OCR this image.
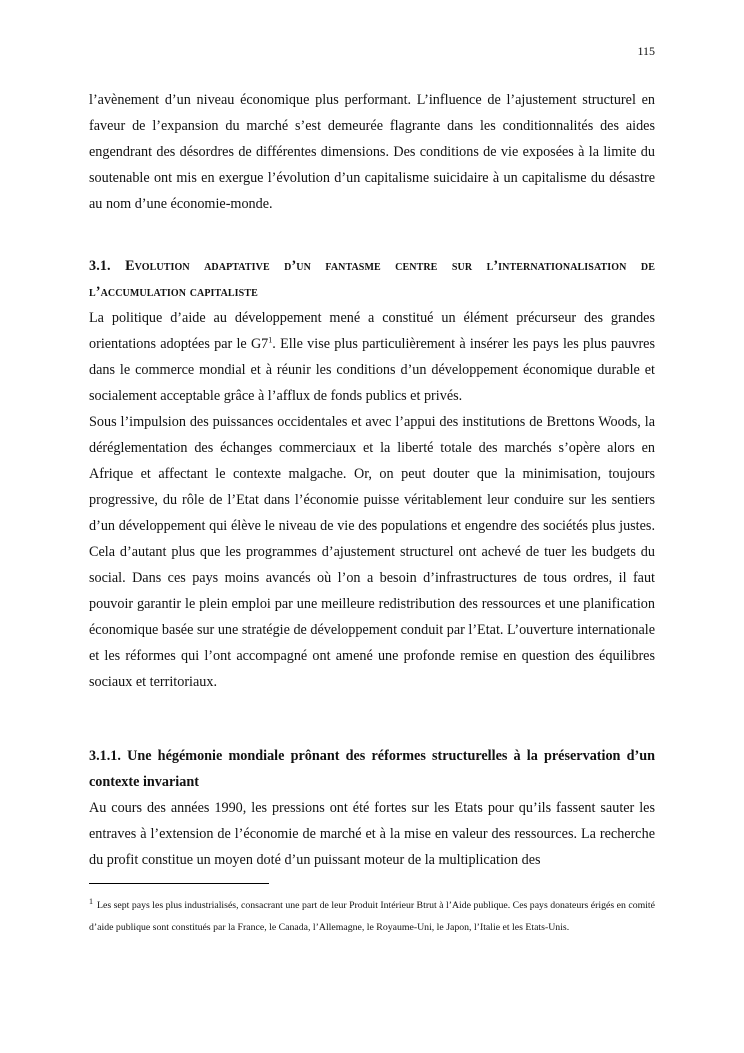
115

l’avènement d’un niveau économique plus performant. L’influence de l’ajustement structurel en faveur de l’expansion du marché s’est demeurée flagrante dans les conditionnalités des aides engendrant des désordres de différentes dimensions. Des conditions de vie exposées à la limite du soutenable ont mis en exergue l’évolution d’un capitalisme suicidaire à un capitalisme du désastre au nom d’une économie-monde.

3.1. Evolution adaptative d’un fantasme centre sur l’internationalisation de l’accumulation capitaliste

La politique d’aide au développement mené a constitué un élément précurseur des grandes orientations adoptées par le $G7^1$. Elle vise plus particulièrement à insérer les pays les plus pauvres dans le commerce mondial et à réunir les conditions d’un développement économique durable et socialement acceptable grâce à l’afflux de fonds publics et privés.

Sous l’impulsion des puissances occidentales et avec l’appui des institutions de Brettons Woods, la déréglementation des échanges commerciaux et la liberté totale des marchés s’opère alors en Afrique et affectant le contexte malgache. Or, on peut douter que la minimisation, toujours progressive, du rôle de l’Etat dans l’économie puisse véritablement leur conduire sur les sentiers d’un développement qui élève le niveau de vie des populations et engendre des sociétés plus justes. Cela d’autant plus que les programmes d’ajustement structurel ont achevé de tuer les budgets du social. Dans ces pays moins avancés où l’on a besoin d’infrastructures de tous ordres, il faut pouvoir garantir le plein emploi par une meilleure redistribution des ressources et une planification économique basée sur une stratégie de développement conduit par l’Etat. L’ouverture internationale et les réformes qui l’ont accompagné ont amené une profonde remise en question des équilibres sociaux et territoriaux.

3.1.1. Une hégémonie mondiale prônant des réformes structurelles à la préservation d’un contexte invariant

Au cours des années 1990, les pressions ont été fortes sur les Etats pour qu’ils fassent sauter les entraves à l’extension de l’économie de marché et à la mise en valeur des ressources. La recherche du profit constitue un moyen doté d’un puissant moteur de la multiplication des

$^1$ Les sept pays les plus industrialisés, consacrant une part de leur Produit Intérieur Btrut à l’Aide publique. Ces pays donateurs érigés en comité d’aide publique sont constitués par la France, le Canada, l’Allemagne, le Royaume-Uni, le Japon, l’Italie et les Etats-Unis.
